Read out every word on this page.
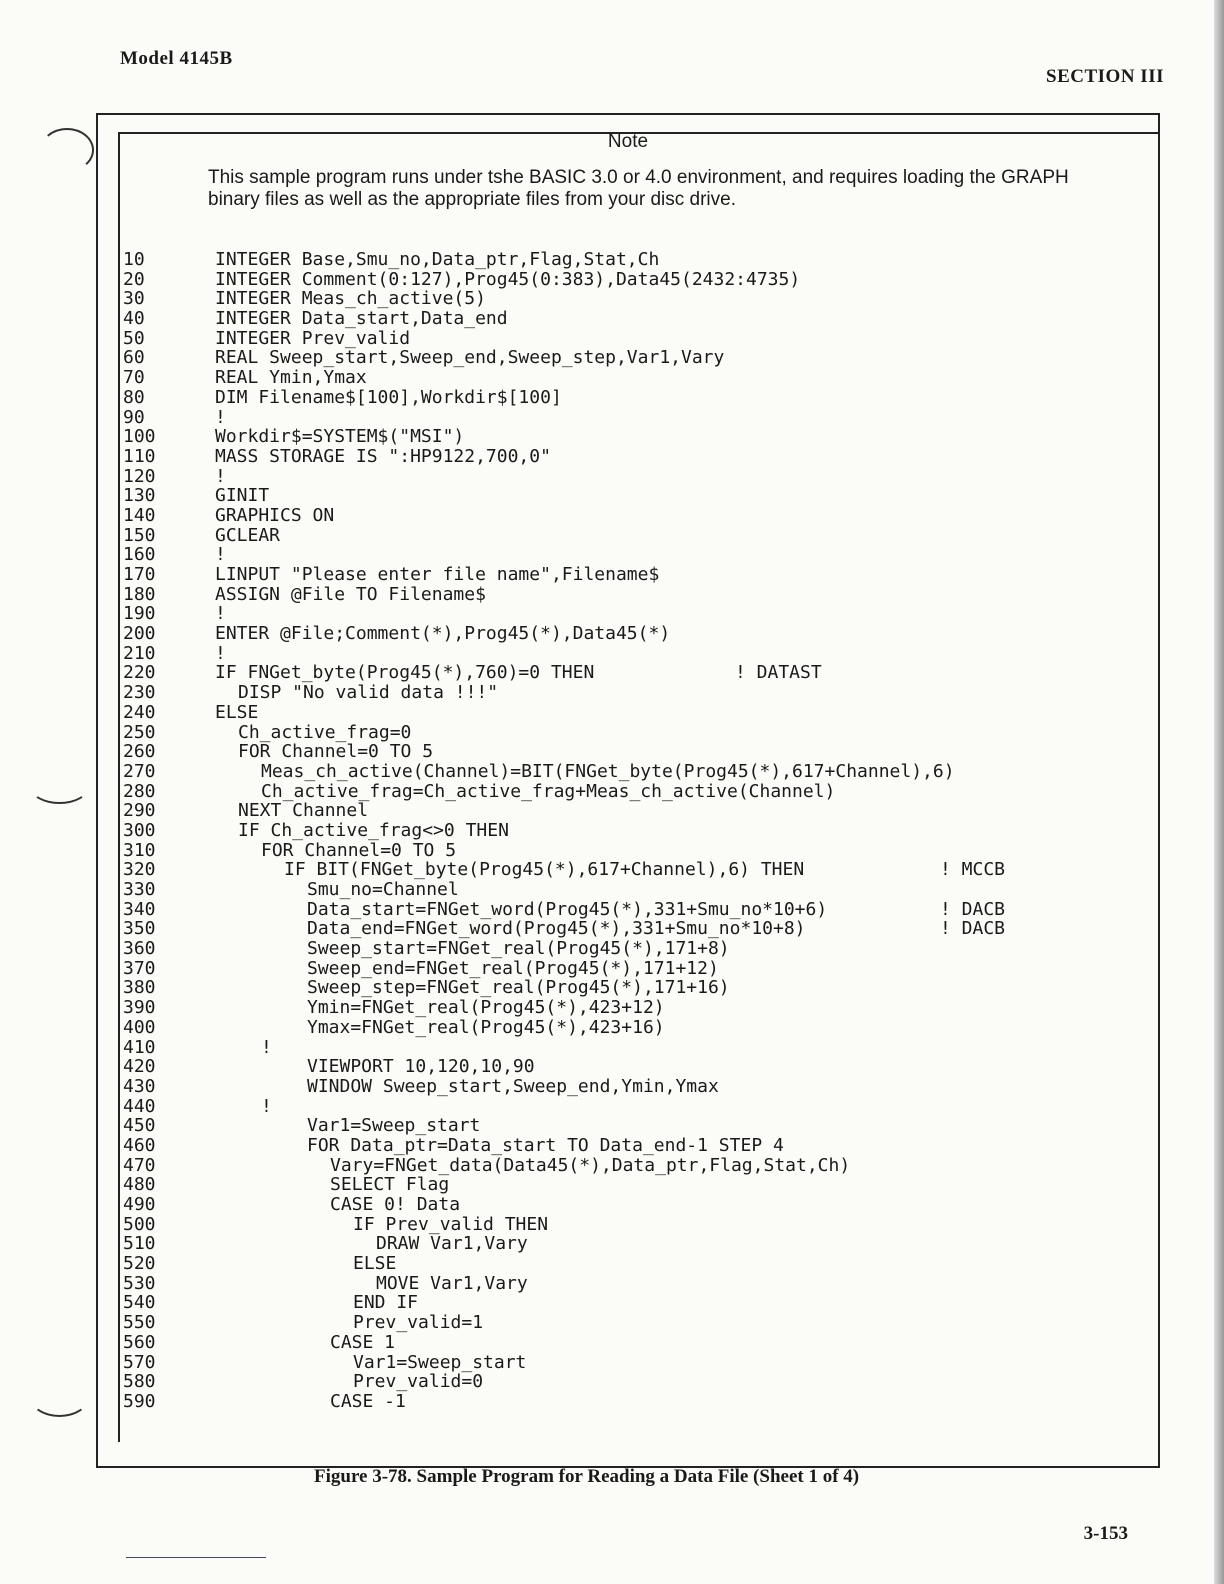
Model 4145B
SECTION III
Note
This sample program runs under tshe BASIC 3.0 or 4.0 environment, and requires loading the GRAPH binary files as well as the appropriate files from your disc drive.
10	INTEGER Base,Smu_no,Data_ptr,Flag,Stat,Ch
20	INTEGER Comment(0:127),Prog45(0:383),Data45(2432:4735)
30	INTEGER Meas_ch_active(5)
40	INTEGER Data_start,Data_end
50	INTEGER Prev_valid
60	REAL Sweep_start,Sweep_end,Sweep_step,Var1,Vary
70	REAL Ymin,Ymax
80	DIM Filename$[100],Workdir$[100]
90	!
100	Workdir$=SYSTEM$("MSI")
110	MASS STORAGE IS ":HP9122,700,0"
120	!
130	GINIT
140	GRAPHICS ON
150	GCLEAR
160	!
170	LINPUT "Please enter file name",Filename$
180	ASSIGN @File TO Filename$
190	!
200	ENTER @File;Comment(*),Prog45(*),Data45(*)
210	!
220	IF FNGet_byte(Prog45(*),760)=0 THEN	! DATAST
230	DISP "No valid data !!!"
240	ELSE
250	Ch_active_frag=0
260	FOR Channel=0 TO 5
270	Meas_ch_active(Channel)=BIT(FNGet_byte(Prog45(*),617+Channel),6)
280	Ch_active_frag=Ch_active_frag+Meas_ch_active(Channel)
290	NEXT Channel
300	IF Ch_active_frag<>0 THEN
310	FOR Channel=0 TO 5
320	IF BIT(FNGet_byte(Prog45(*),617+Channel),6) THEN	! MCCB
330	Smu_no=Channel
340	Data_start=FNGet_word(Prog45(*),331+Smu_no*10+6)	! DACB
350	Data_end=FNGet_word(Prog45(*),331+Smu_no*10+8)	! DACB
360	Sweep_start=FNGet_real(Prog45(*),171+8)
370	Sweep_end=FNGet_real(Prog45(*),171+12)
380	Sweep_step=FNGet_real(Prog45(*),171+16)
390	Ymin=FNGet_real(Prog45(*),423+12)
400	Ymax=FNGet_real(Prog45(*),423+16)
410	!
420	VIEWPORT 10,120,10,90
430	WINDOW Sweep_start,Sweep_end,Ymin,Ymax
440	!
450	Var1=Sweep_start
460	FOR Data_ptr=Data_start TO Data_end-1 STEP 4
470	Vary=FNGet_data(Data45(*),Data_ptr,Flag,Stat,Ch)
480	SELECT Flag
490	CASE 0! Data
500	IF Prev_valid THEN
510	DRAW Var1,Vary
520	ELSE
530	MOVE Var1,Vary
540	END IF
550	Prev_valid=1
560	CASE 1
570	Var1=Sweep_start
580	Prev_valid=0
590	CASE -1
Figure 3-78. Sample Program for Reading a Data File (Sheet 1 of 4)
3-153
